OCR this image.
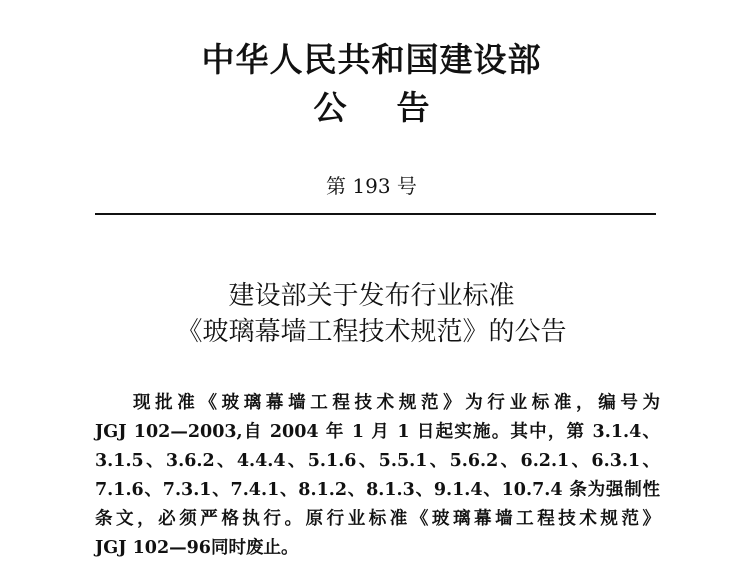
中华人民共和国建设部
公告
第 193 号
建设部关于发布行业标准
《玻璃幕墙工程技术规范》的公告
现批准《玻璃幕墙工程技术规范》为行业标准，编号为
JGJ 102—2003,自 2004 年 1 月 1 日起实施。其中，第 3.1.4、
3.1.5、3.6.2、4.4.4、5.1.6、5.5.1、5.6.2、6.2.1、6.3.1、
7.1.6、7.3.1、7.4.1、8.1.2、8.1.3、9.1.4、10.7.4 条为强制性
条文，必须严格执行。原行业标准《玻璃幕墙工程技术规范》
JGJ 102—96同时废止。
